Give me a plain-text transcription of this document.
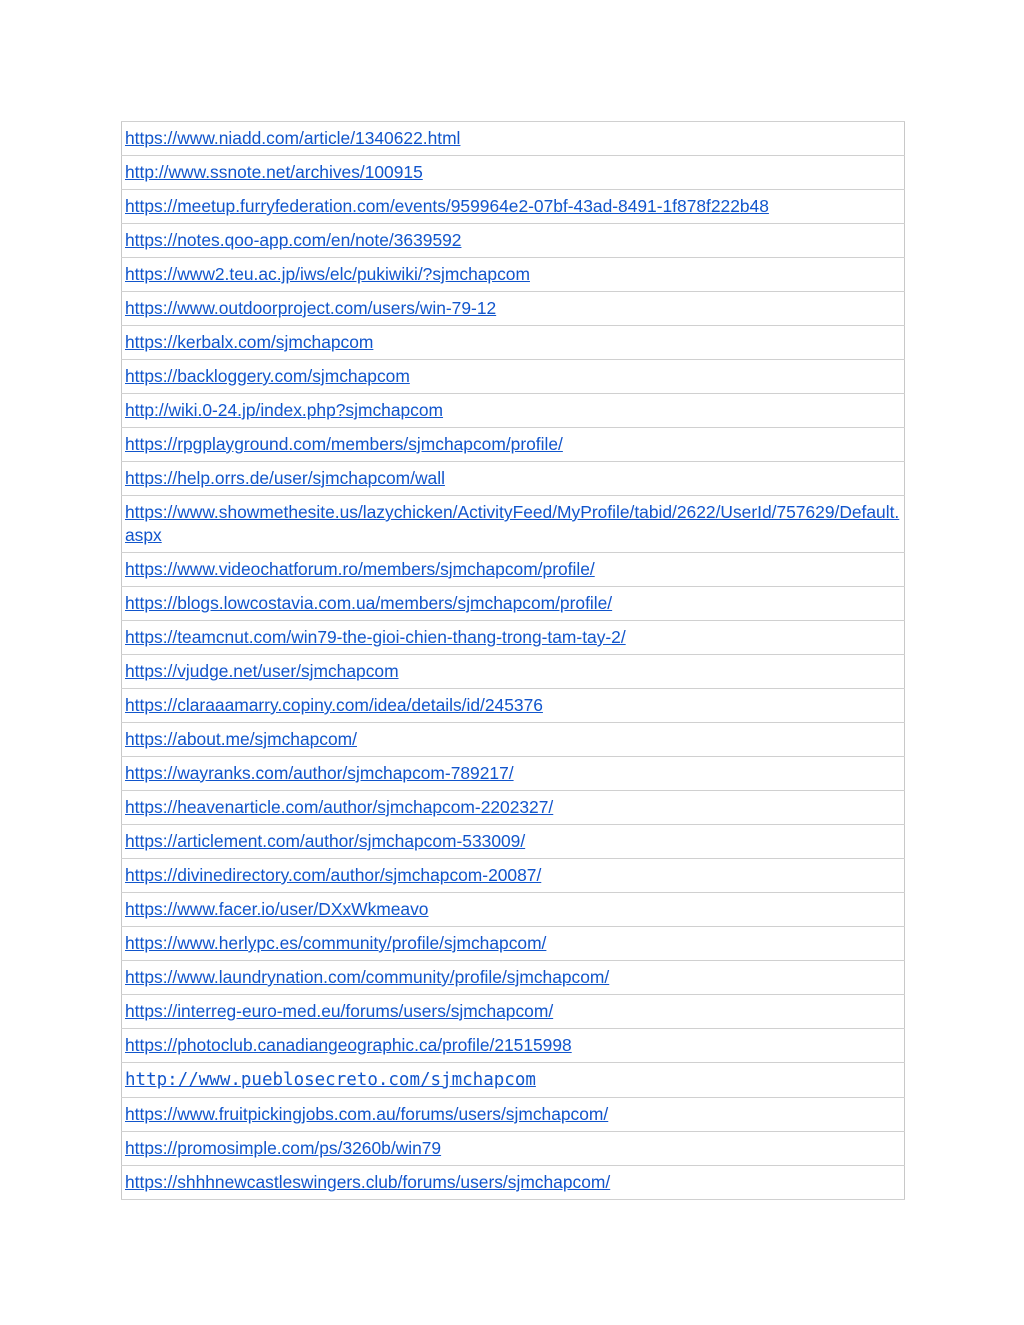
https://www.niadd.com/article/1340622.html
http://www.ssnote.net/archives/100915
https://meetup.furryfederation.com/events/959964e2-07bf-43ad-8491-1f878f222b48
https://notes.qoo-app.com/en/note/3639592
https://www2.teu.ac.jp/iws/elc/pukiwiki/?sjmchapcom
https://www.outdoorproject.com/users/win-79-12
https://kerbalx.com/sjmchapcom
https://backloggery.com/sjmchapcom
http://wiki.0-24.jp/index.php?sjmchapcom
https://rpgplayground.com/members/sjmchapcom/profile/
https://help.orrs.de/user/sjmchapcom/wall
https://www.showmethesite.us/lazychicken/ActivityFeed/MyProfile/tabid/2622/UserId/757629/Default.aspx
https://www.videochatforum.ro/members/sjmchapcom/profile/
https://blogs.lowcostavia.com.ua/members/sjmchapcom/profile/
https://teamcnut.com/win79-the-gioi-chien-thang-trong-tam-tay-2/
https://vjudge.net/user/sjmchapcom
https://claraaamarry.copiny.com/idea/details/id/245376
https://about.me/sjmchapcom/
https://wayranks.com/author/sjmchapcom-789217/
https://heavenarticle.com/author/sjmchapcom-2202327/
https://articlement.com/author/sjmchapcom-533009/
https://divinedirectory.com/author/sjmchapcom-20087/
https://www.facer.io/user/DXxWkmeavo
https://www.herlypc.es/community/profile/sjmchapcom/
https://www.laundrynation.com/community/profile/sjmchapcom/
https://interreg-euro-med.eu/forums/users/sjmchapcom/
https://photoclub.canadiangeographic.ca/profile/21515998
http://www.pueblosecreto.com/sjmchapcom
https://www.fruitpickingjobs.com.au/forums/users/sjmchapcom/
https://promosimple.com/ps/3260b/win79
https://shhhnewcastleswingers.club/forums/users/sjmchapcom/
